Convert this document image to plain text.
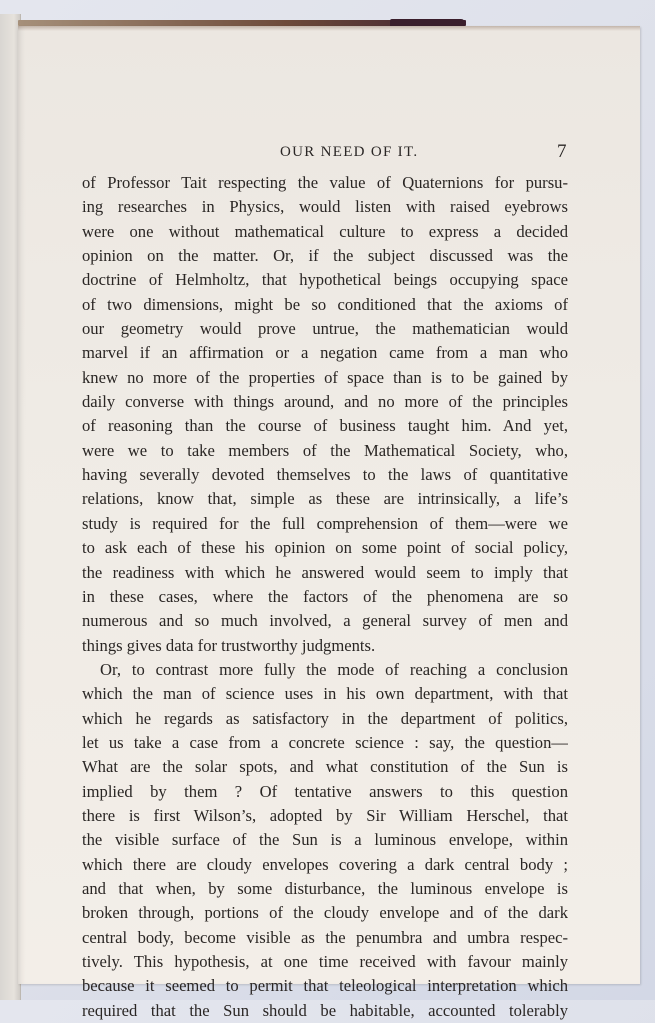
OUR NEED OF IT.	7
of Professor Tait respecting the value of Quaternions for pursu-
ing researches in Physics, would listen with raised eyebrows
were one without mathematical culture to express a decided
opinion on the matter. Or, if the subject discussed was the
doctrine of Helmholtz, that hypothetical beings occupying space
of two dimensions, might be so conditioned that the axioms of
our geometry would prove untrue, the mathematician would
marvel if an affirmation or a negation came from a man who
knew no more of the properties of space than is to be gained by
daily converse with things around, and no more of the principles
of reasoning than the course of business taught him. And yet,
were we to take members of the Mathematical Society, who,
having severally devoted themselves to the laws of quantitative
relations, know that, simple as these are intrinsically, a life’s
study is required for the full comprehension of them—were we
to ask each of these his opinion on some point of social policy,
the readiness with which he answered would seem to imply that
in these cases, where the factors of the phenomena are so
numerous and so much involved, a general survey of men and
things gives data for trustworthy judgments.
Or, to contrast more fully the mode of reaching a conclusion
which the man of science uses in his own department, with that
which he regards as satisfactory in the department of politics,
let us take a case from a concrete science : say, the question—
What are the solar spots, and what constitution of the Sun is
implied by them ? Of tentative answers to this question
there is first Wilson’s, adopted by Sir William Herschel, that
the visible surface of the Sun is a luminous envelope, within
which there are cloudy envelopes covering a dark central body ;
and that when, by some disturbance, the luminous envelope is
broken through, portions of the cloudy envelope and of the dark
central body, become visible as the penumbra and umbra respec-
tively. This hypothesis, at one time received with favour mainly
because it seemed to permit that teleological interpretation which
required that the Sun should be habitable, accounted tolerably
